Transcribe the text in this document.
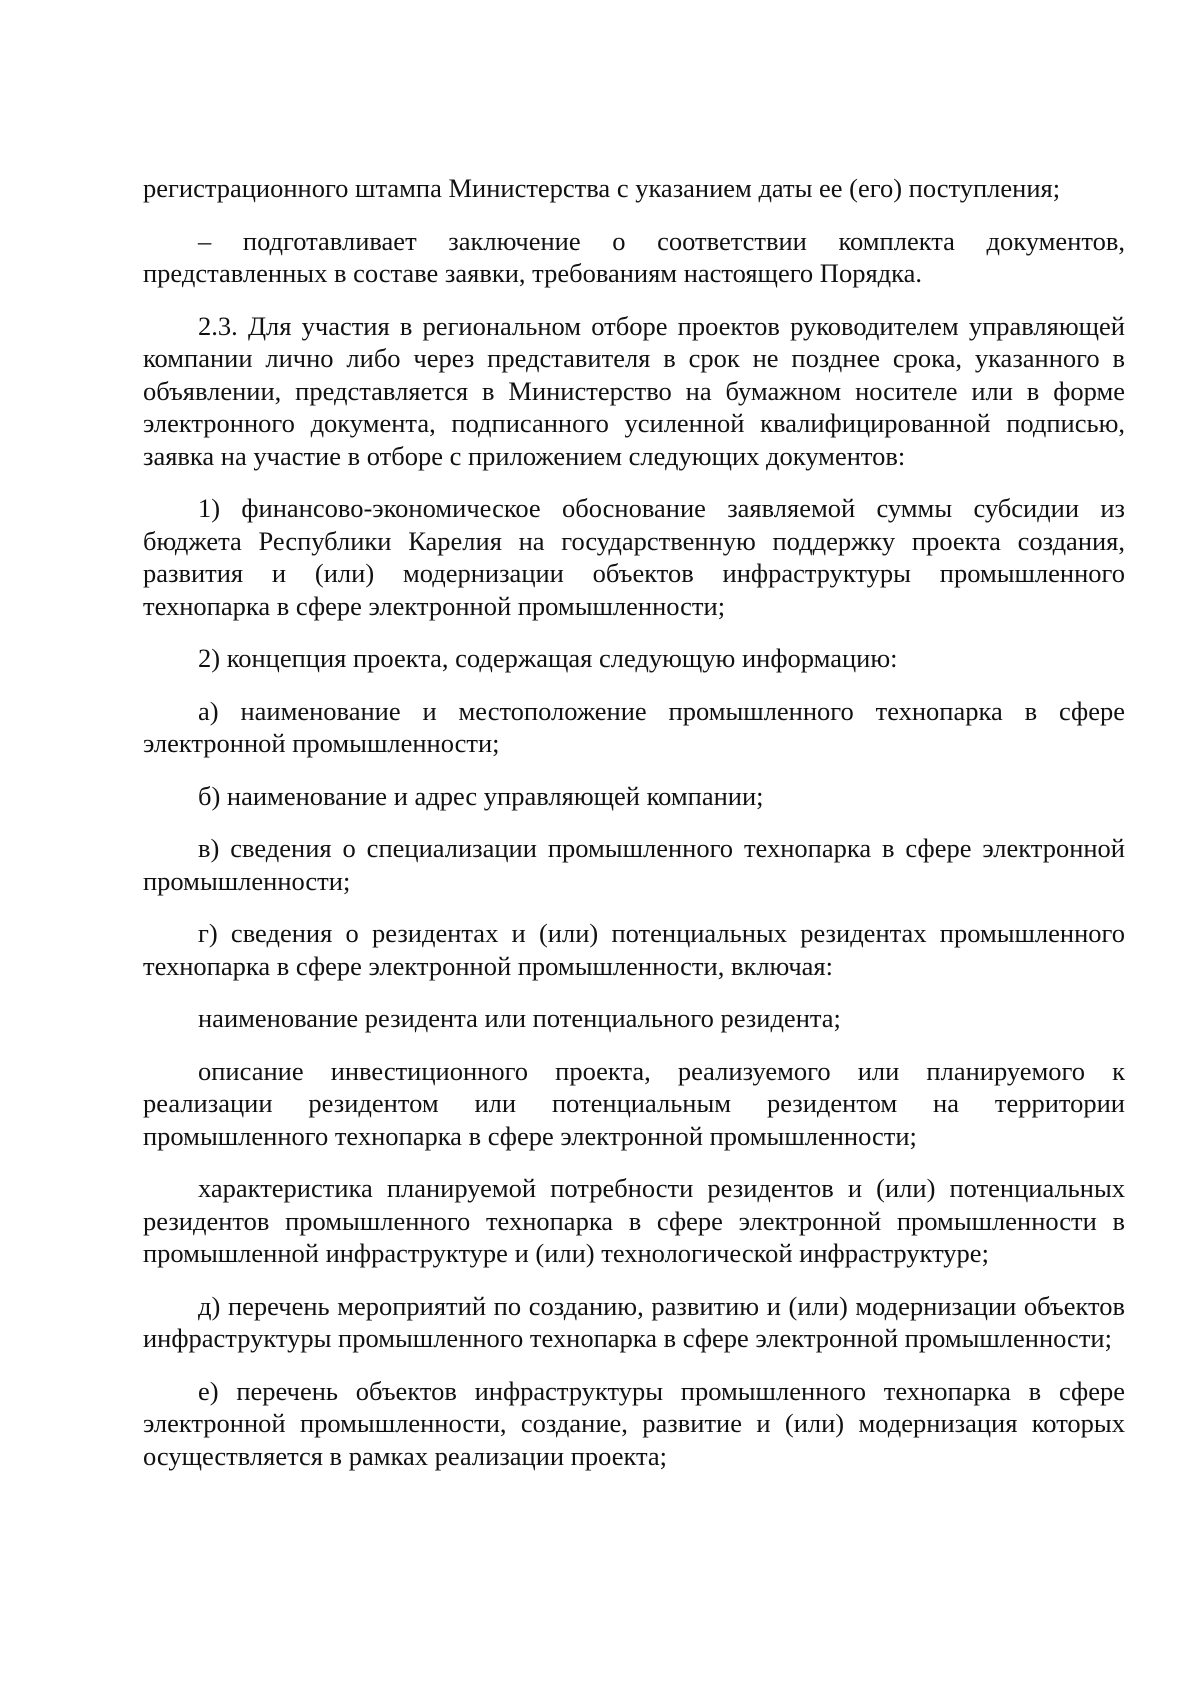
регистрационного штампа Министерства с указанием даты ее (его) поступления;

– подготавливает заключение о соответствии комплекта документов, представленных в составе заявки, требованиям настоящего Порядка.

2.3. Для участия в региональном отборе проектов руководителем управляющей компании лично либо через представителя в срок не позднее срока, указанного в объявлении, представляется в Министерство на бумажном носителе или в форме электронного документа, подписанного усиленной квалифицированной подписью, заявка на участие в отборе с приложением следующих документов:

1) финансово-экономическое обоснование заявляемой суммы субсидии из бюджета Республики Карелия на государственную поддержку проекта создания, развития и (или) модернизации объектов инфраструктуры промышленного технопарка в сфере электронной промышленности;

2) концепция проекта, содержащая следующую информацию:

а) наименование и местоположение промышленного технопарка в сфере электронной промышленности;

б) наименование и адрес управляющей компании;

в) сведения о специализации промышленного технопарка в сфере электронной промышленности;

г) сведения о резидентах и (или) потенциальных резидентах промышленного технопарка в сфере электронной промышленности, включая:

наименование резидента или потенциального резидента;

описание инвестиционного проекта, реализуемого или планируемого к реализации резидентом или потенциальным резидентом на территории промышленного технопарка в сфере электронной промышленности;

характеристика планируемой потребности резидентов и (или) потенциальных резидентов промышленного технопарка в сфере электронной промышленности в промышленной инфраструктуре и (или) технологической инфраструктуре;

д) перечень мероприятий по созданию, развитию и (или) модернизации объектов инфраструктуры промышленного технопарка в сфере электронной промышленности;

е) перечень объектов инфраструктуры промышленного технопарка в сфере электронной промышленности, создание, развитие и (или) модернизация которых осуществляется в рамках реализации проекта;
